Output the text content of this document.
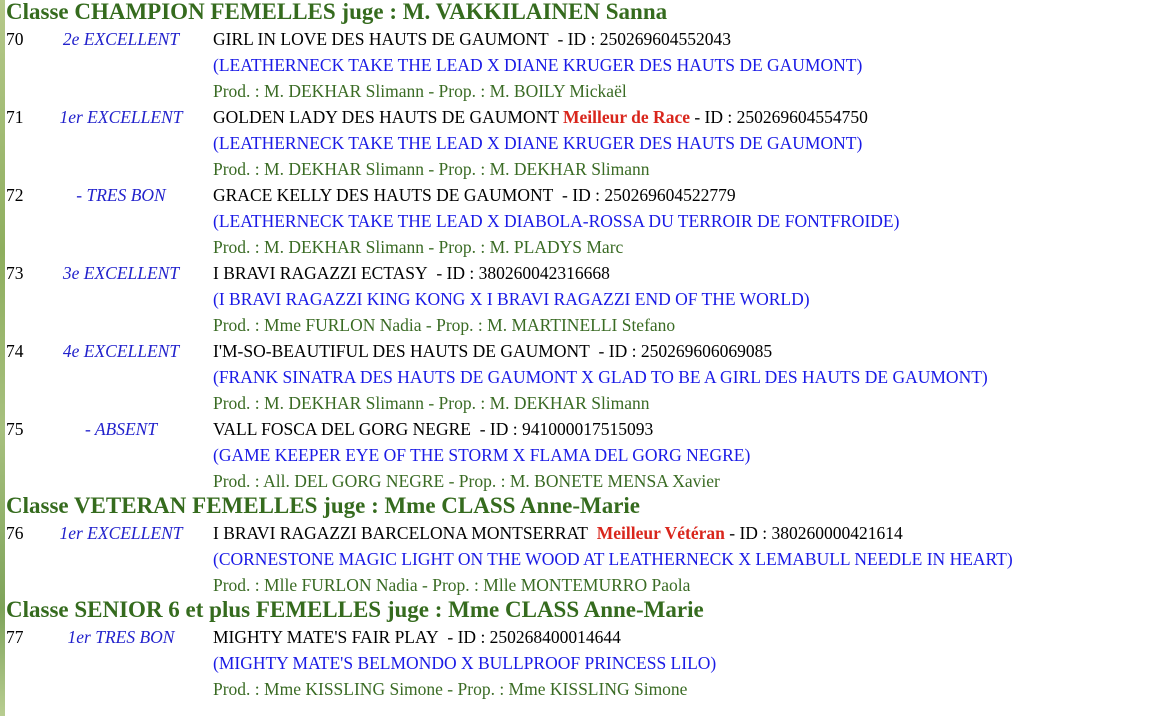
Classe CHAMPION FEMELLES juge : M. VAKKILAINEN Sanna
70	2e EXCELLENT	GIRL IN LOVE DES HAUTS DE GAUMONT - ID : 250269604552043
(LEATHERNECK TAKE THE LEAD X DIANE KRUGER DES HAUTS DE GAUMONT)
Prod. : M. DEKHAR Slimann - Prop. : M. BOILY Mickaël
71	1er EXCELLENT	GOLDEN LADY DES HAUTS DE GAUMONT Meilleur de Race - ID : 250269604554750
(LEATHERNECK TAKE THE LEAD X DIANE KRUGER DES HAUTS DE GAUMONT)
Prod. : M. DEKHAR Slimann - Prop. : M. DEKHAR Slimann
72	- TRES BON	GRACE KELLY DES HAUTS DE GAUMONT - ID : 250269604522779
(LEATHERNECK TAKE THE LEAD X DIABOLA-ROSSA DU TERROIR DE FONTFROIDE)
Prod. : M. DEKHAR Slimann - Prop. : M. PLADYS Marc
73	3e EXCELLENT	I BRAVI RAGAZZI ECTASY - ID : 380260042316668
(I BRAVI RAGAZZI KING KONG X I BRAVI RAGAZZI END OF THE WORLD)
Prod. : Mme FURLON Nadia - Prop. : M. MARTINELLI Stefano
74	4e EXCELLENT	I'M-SO-BEAUTIFUL DES HAUTS DE GAUMONT - ID : 250269606069085
(FRANK SINATRA DES HAUTS DE GAUMONT X GLAD TO BE A GIRL DES HAUTS DE GAUMONT)
Prod. : M. DEKHAR Slimann - Prop. : M. DEKHAR Slimann
75	- ABSENT	VALL FOSCA DEL GORG NEGRE - ID : 941000017515093
(GAME KEEPER EYE OF THE STORM X FLAMA DEL GORG NEGRE)
Prod. : All. DEL GORG NEGRE - Prop. : M. BONETE MENSA Xavier
Classe VETERAN FEMELLES juge : Mme CLASS Anne-Marie
76	1er EXCELLENT	I BRAVI RAGAZZI BARCELONA MONTSERRAT Meilleur Vétéran - ID : 380260000421614
(CORNESTONE MAGIC LIGHT ON THE WOOD AT LEATHERNECK X LEMABULL NEEDLE IN HEART)
Prod. : Mlle FURLON Nadia - Prop. : Mlle MONTEMURRO Paola
Classe SENIOR 6 et plus FEMELLES juge : Mme CLASS Anne-Marie
77	1er TRES BON	MIGHTY MATE'S FAIR PLAY - ID : 250268400014644
(MIGHTY MATE'S BELMONDO X BULLPROOF PRINCESS LILO)
Prod. : Mme KISSLING Simone - Prop. : Mme KISSLING Simone
